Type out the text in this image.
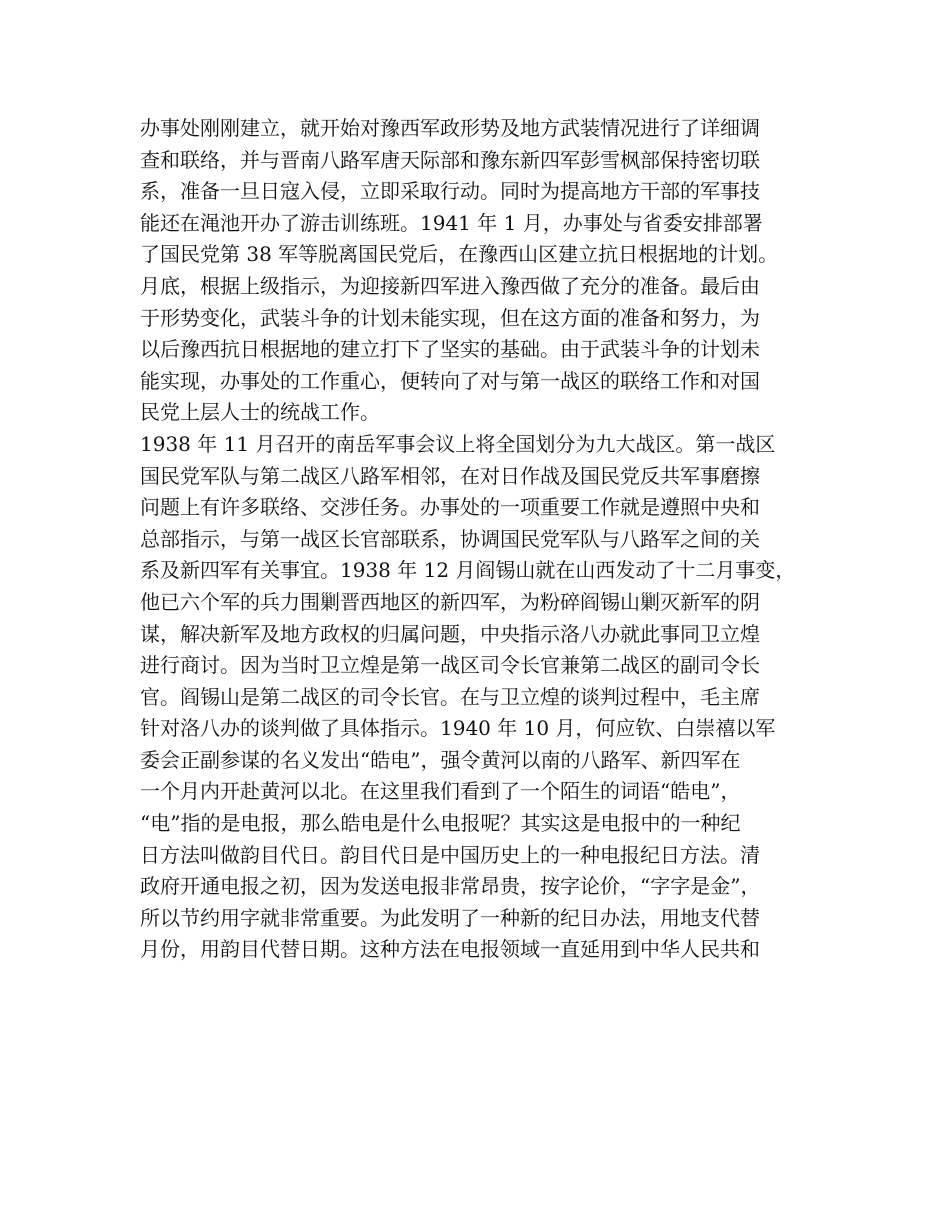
办事处刚刚建立，就开始对豫西军政形势及地方武装情况进行了详细调
查和联络，并与晋南八路军唐天际部和豫东新四军彭雪枫部保持密切联
系，准备一旦日寇入侵，立即采取行动。同时为提高地方干部的军事技
能还在渑池开办了游击训练班。1941 年 1 月，办事处与省委安排部署
了国民党第 38 军等脱离国民党后，在豫西山区建立抗日根据地的计划。
月底，根据上级指示，为迎接新四军进入豫西做了充分的准备。最后由
于形势变化，武装斗争的计划未能实现，但在这方面的准备和努力，为
以后豫西抗日根据地的建立打下了坚实的基础。由于武装斗争的计划未
能实现，办事处的工作重心，便转向了对与第一战区的联络工作和对国
民党上层人士的统战工作。
1938 年 11 月召开的南岳军事会议上将全国划分为九大战区。第一战区
国民党军队与第二战区八路军相邻，在对日作战及国民党反共军事磨擦
问题上有许多联络、交涉任务。办事处的一项重要工作就是遵照中央和
总部指示，与第一战区长官部联系，协调国民党军队与八路军之间的关
系及新四军有关事宜。1938 年 12 月阎锡山就在山西发动了十二月事变，
他已六个军的兵力围剿晋西地区的新四军，为粉碎阎锡山剿灭新军的阴
谋，解决新军及地方政权的归属问题，中央指示洛八办就此事同卫立煌
进行商讨。因为当时卫立煌是第一战区司令长官兼第二战区的副司令长
官。阎锡山是第二战区的司令长官。在与卫立煌的谈判过程中，毛主席
针对洛八办的谈判做了具体指示。1940 年 10 月，何应钦、白崇禧以军
委会正副参谋的名义发出“皓电”，强令黄河以南的八路军、新四军在
一个月内开赴黄河以北。在这里我们看到了一个陌生的词语“皓电”，
“电”指的是电报，那么皓电是什么电报呢？其实这是电报中的一种纪
日方法叫做韵目代日。韵目代日是中国历史上的一种电报纪日方法。清
政府开通电报之初，因为发送电报非常昂贵，按字论价，“字字是金”，
所以节约用字就非常重要。为此发明了一种新的纪日办法，用地支代替
月份，用韵目代替日期。这种方法在电报领域一直延用到中华人民共和
